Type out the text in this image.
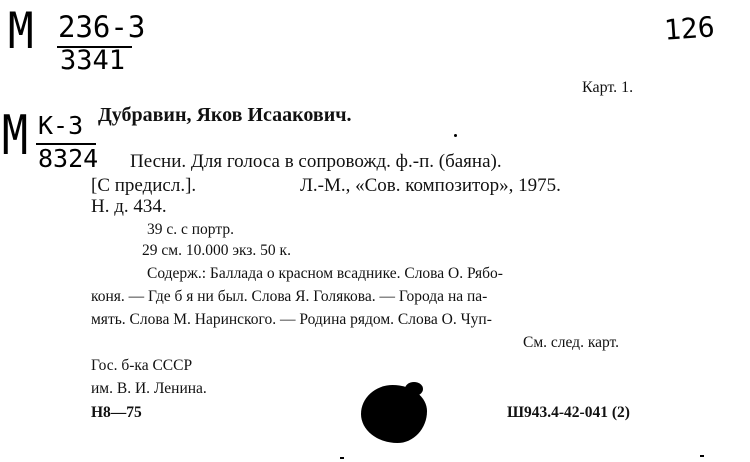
M 236-3
3341
126
M K-3
8324
Карт. 1.
Дубравин, Яков Исаакович.
Песни. Для голоса в сопровожд. ф.-п. (баяна).
[С предисл.].	Л.-М., «Сов. композитор», 1975.
Н. д. 434.
39 с. с портр.
29 см. 10.000 экз. 50 к.
Содерж.: Баллада о красном всаднике. Слова О. Рябо-
коня. — Где б я ни был. Слова Я. Голякова. — Города на па-
мять. Слова М. Наринского. — Родина рядом. Слова О. Чуп-
См. след. карт.
Гос. б-ка СССР
им. В. И. Ленина.
Н8—75	Ш943.4-42-041 (2)
